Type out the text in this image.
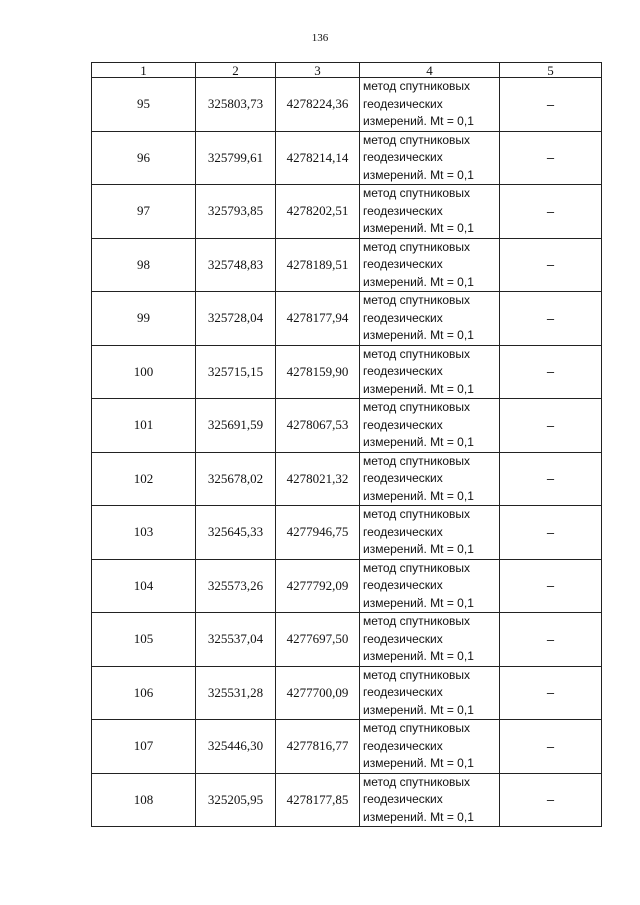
136
1	2	3	4	5
95	325803,73	4278224,36	метод спутниковых
геодезических
измерений. Mt = 0,1	–
96	325799,61	4278214,14	метод спутниковых
геодезических
измерений. Mt = 0,1	–
97	325793,85	4278202,51	метод спутниковых
геодезических
измерений. Mt = 0,1	–
98	325748,83	4278189,51	метод спутниковых
геодезических
измерений. Mt = 0,1	–
99	325728,04	4278177,94	метод спутниковых
геодезических
измерений. Mt = 0,1	–
100	325715,15	4278159,90	метод спутниковых
геодезических
измерений. Mt = 0,1	–
101	325691,59	4278067,53	метод спутниковых
геодезических
измерений. Mt = 0,1	–
102	325678,02	4278021,32	метод спутниковых
геодезических
измерений. Mt = 0,1	–
103	325645,33	4277946,75	метод спутниковых
геодезических
измерений. Mt = 0,1	–
104	325573,26	4277792,09	метод спутниковых
геодезических
измерений. Mt = 0,1	–
105	325537,04	4277697,50	метод спутниковых
геодезических
измерений. Mt = 0,1	–
106	325531,28	4277700,09	метод спутниковых
геодезических
измерений. Mt = 0,1	–
107	325446,30	4277816,77	метод спутниковых
геодезических
измерений. Mt = 0,1	–
108	325205,95	4278177,85	метод спутниковых
геодезических
измерений. Mt = 0,1	–
